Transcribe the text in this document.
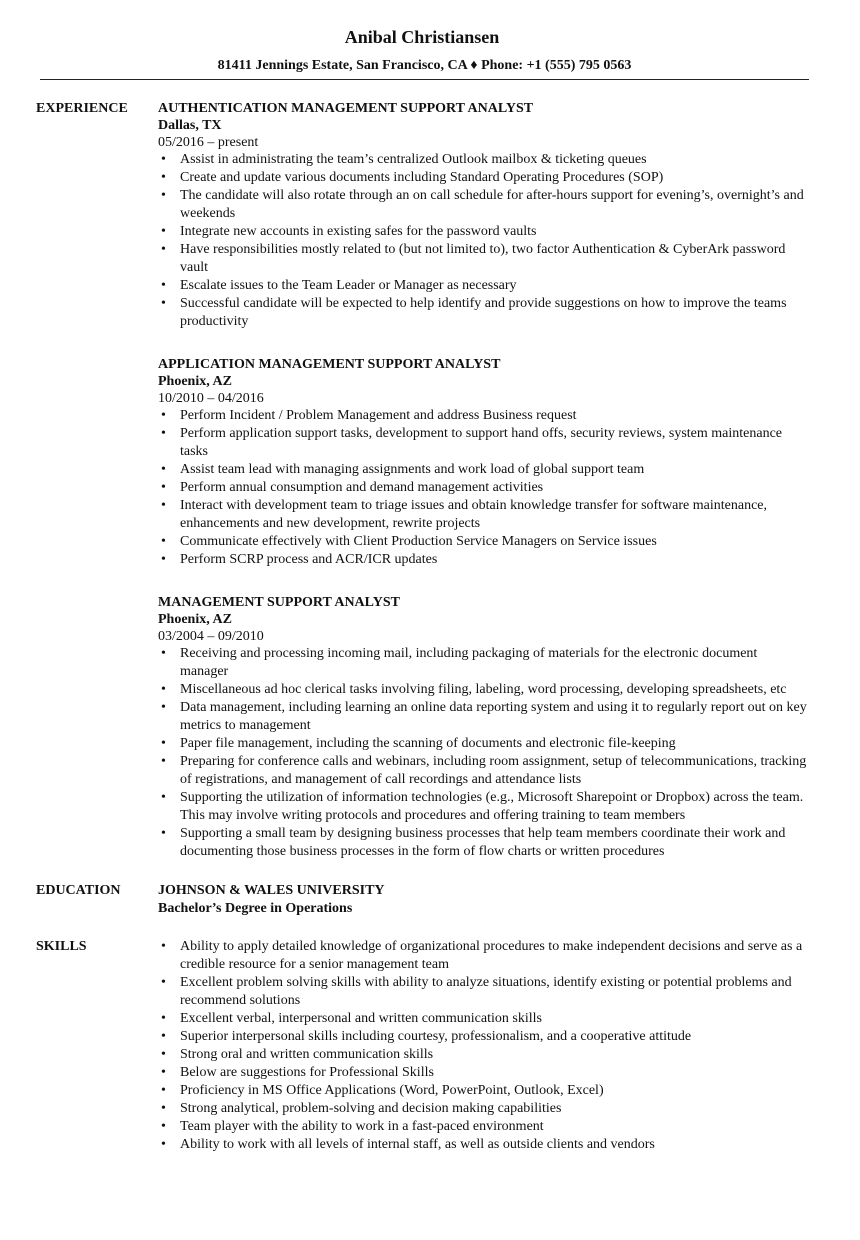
Anibal Christiansen
81411 Jennings Estate, San Francisco, CA ♦ Phone: +1 (555) 795 0563
EXPERIENCE AUTHENTICATION MANAGEMENT SUPPORT ANALYST
Dallas, TX
05/2016 – present
• Assist in administrating the team’s centralized Outlook mailbox & ticketing queues
• Create and update various documents including Standard Operating Procedures (SOP)
• The candidate will also rotate through an on call schedule for after-hours support for evening’s, overnight’s and weekends
• Integrate new accounts in existing safes for the password vaults
• Have responsibilities mostly related to (but not limited to), two factor Authentication & CyberArk password vault
• Escalate issues to the Team Leader or Manager as necessary
• Successful candidate will be expected to help identify and provide suggestions on how to improve the teams productivity
APPLICATION MANAGEMENT SUPPORT ANALYST
Phoenix, AZ
10/2010 – 04/2016
• Perform Incident / Problem Management and address Business request
• Perform application support tasks, development to support hand offs, security reviews, system maintenance tasks
• Assist team lead with managing assignments and work load of global support team
• Perform annual consumption and demand management activities
• Interact with development team to triage issues and obtain knowledge transfer for software maintenance, enhancements and new development, rewrite projects
• Communicate effectively with Client Production Service Managers on Service issues
• Perform SCRP process and ACR/ICR updates
MANAGEMENT SUPPORT ANALYST
Phoenix, AZ
03/2004 – 09/2010
• Receiving and processing incoming mail, including packaging of materials for the electronic document manager
• Miscellaneous ad hoc clerical tasks involving filing, labeling, word processing, developing spreadsheets, etc
• Data management, including learning an online data reporting system and using it to regularly report out on key metrics to management
• Paper file management, including the scanning of documents and electronic file-keeping
• Preparing for conference calls and webinars, including room assignment, setup of telecommunications, tracking of registrations, and management of call recordings and attendance lists
• Supporting the utilization of information technologies (e.g., Microsoft Sharepoint or Dropbox) across the team. This may involve writing protocols and procedures and offering training to team members
• Supporting a small team by designing business processes that help team members coordinate their work and documenting those business processes in the form of flow charts or written procedures
EDUCATION	JOHNSON & WALES UNIVERSITY
Bachelor’s Degree in Operations
SKILLS
•	Ability to apply detailed knowledge of organizational procedures to make independent decisions and serve as a credible resource for a senior management team
• Excellent problem solving skills with ability to analyze situations, identify existing or potential problems and recommend solutions
• Excellent verbal, interpersonal and written communication skills
• Superior interpersonal skills including courtesy, professionalism, and a cooperative attitude
• Strong oral and written communication skills
• Below are suggestions for Professional Skills
• Proficiency in MS Office Applications (Word, PowerPoint, Outlook, Excel)
• Strong analytical, problem-solving and decision making capabilities
• Team player with the ability to work in a fast-paced environment
• Ability to work with all levels of internal staff, as well as outside clients and vendors
